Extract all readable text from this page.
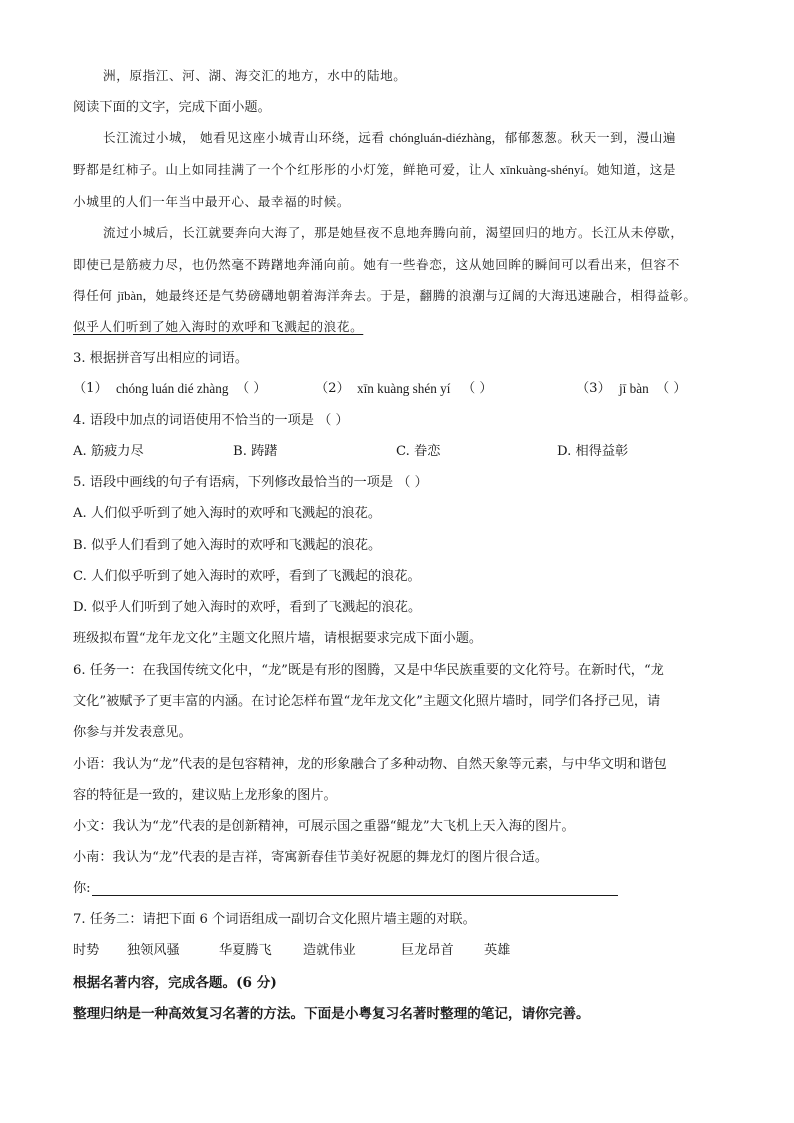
洲，原指江、河、湖、海交汇的地方，水中的陆地。
阅读下面的文字，完成下面小题。
长江流过小城， 她看见这座小城青山环绕，远看 chóngluán-diézhàng，郁郁葱葱。秋天一到，漫山遍
野都是红柿子。山上如同挂满了一个个红彤彤的小灯笼，鲜艳可爱，让人 xīnkuàng-shényí。她知道，这是
小城里的人们一年当中最开心、最幸福的时候。
流过小城后，长江就要奔向大海了，那是她昼夜不息地奔腾向前，渴望回归的地方。长江从未停歇，
即使已是筋疲力尽，也仍然毫不踌躇地奔涌向前。她有一些眷恋，这从她回眸的瞬间可以看出来，但容不
得任何 jībàn，她最终还是气势磅礴地朝着海洋奔去。于是，翻腾的浪潮与辽阔的大海迅速融合，相得益彰。
似乎人们听到了她入海时的欢呼和飞溅起的浪花。
3. 根据拼音写出相应的词语。
（1） chóng luán dié zhàng （ ）	（2） xīn kuàng shén yí （ ）	（3） jī bàn （ ）
4. 语段中加点的词语使用不恰当的一项是 （ ）
A. 筋疲力尽	B. 踌躇	C. 眷恋	D. 相得益彰
5. 语段中画线的句子有语病，下列修改最恰当的一项是 （ ）
A. 人们似乎听到了她入海时的欢呼和飞溅起的浪花。
B. 似乎人们看到了她入海时的欢呼和飞溅起的浪花。
C. 人们似乎听到了她入海时的欢呼，看到了飞溅起的浪花。
D. 似乎人们听到了她入海时的欢呼，看到了飞溅起的浪花。
班级拟布置“龙年龙文化”主题文化照片墙，请根据要求完成下面小题。
6. 任务一：在我国传统文化中，“龙”既是有形的图腾，又是中华民族重要的文化符号。在新时代，“龙
文化”被赋予了更丰富的内涵。在讨论怎样布置“龙年龙文化”主题文化照片墙时，同学们各抒己见，请
你参与并发表意见。
小语：我认为“龙”代表的是包容精神，龙的形象融合了多种动物、自然天象等元素，与中华文明和谐包
容的特征是一致的，建议贴上龙形象的图片。
小文：我认为“龙”代表的是创新精神，可展示国之重器“鲲龙”大飞机上天入海的图片。
小南：我认为“龙”代表的是吉祥，寄寓新春佳节美好祝愿的舞龙灯的图片很合适。
你:
7. 任务二：请把下面 6 个词语组成一副切合文化照片墙主题的对联。
时势 独领风骚	华夏腾飞 造就伟业	巨龙昂首 英雄
根据名著内容，完成各题。(6 分)
整理归纳是一种高效复习名著的方法。下面是小粤复习名著时整理的笔记，请你完善。
